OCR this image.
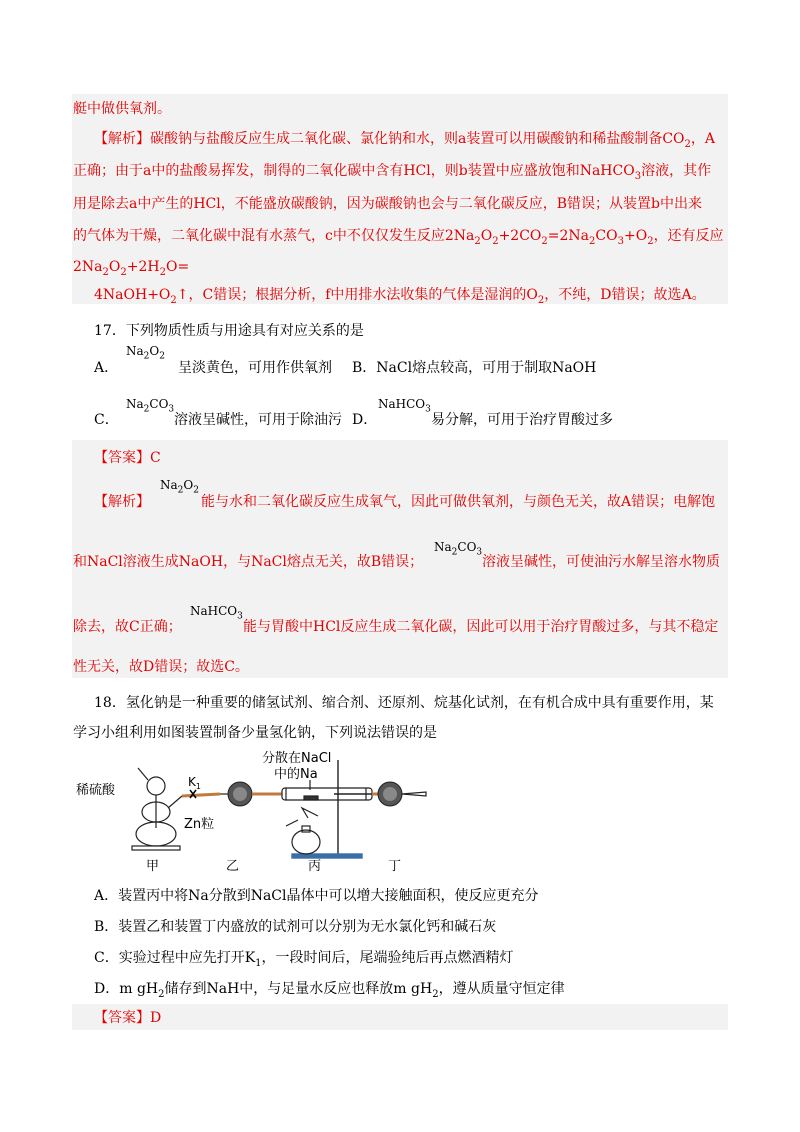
艇中做供氧剂。
【解析】碳酸钠与盐酸反应生成二氧化碳、氯化钠和水，则a装置可以用碳酸钠和稀盐酸制备$CO_2$，A
正确；由于a中的盐酸易挥发，制得的二氧化碳中含有HCl，则b装置中应盛放饱和NaHCO$_3$溶液，其作
用是除去a中产生的HCl，不能盛放碳酸钠，因为碳酸钠也会与二氧化碳反应，B错误；从装置b中出来
的气体为干燥，二氧化碳中混有水蒸气，c中不仅仅发生反应$2Na_2O_2+2CO_2=2Na_2CO_3+O_2$，还有反应
$2Na_2O_2+2H_2O=$
$4NaOH+O_2↑$，C错误；根据分析，f中用排水法收集的气体是湿润的$O_2$，不纯，D错误；故选A。
17．下列物质性质与用途具有对应关系的是
A．
$Na_2O_2$
呈淡黄色，可用作供氧剂 B．NaCl熔点较高，可用于制取NaOH
C．
$Na_2CO_3$
溶液呈碱性，可用于除油污 D．
NaHCO$_3$
易分解，可用于治疗胃酸过多
【答案】C
【解析】
$Na_2O_2$
能与水和二氧化碳反应生成氧气，因此可做供氧剂，与颜色无关，故A错误；电解饱
和NaCl溶液生成NaOH，与NaCl熔点无关，故B错误；
$Na_2CO_3$
溶液呈碱性，可使油污水解呈溶水物质
除去，故C正确；
NaHCO$_3$
能与胃酸中HCl反应生成二氧化碳，因此可以用于治疗胃酸过多，与其不稳定
性无关，故D错误；故选C。
18．氢化钠是一种重要的储氢试剂、缩合剂、还原剂、烷基化试剂，在有机合成中具有重要作用，某
学习小组利用如图装置制备少量氢化钠，下列说法错误的是
稀硫酸
$K_1$
Zn粒
分散在NaCl
中的Na
甲	乙	丙	丁
A．装置丙中将Na分散到NaCl晶体中可以增大接触面积，使反应更充分
B．装置乙和装置丁内盛放的试剂可以分别为无水氯化钙和碱石灰
C．实验过程中应先打开$K_1$，一段时间后，尾端验纯后再点燃酒精灯
D．m $gH_2$储存到NaH中，与足量水反应也释放m $gH_2$，遵从质量守恒定律
【答案】D
